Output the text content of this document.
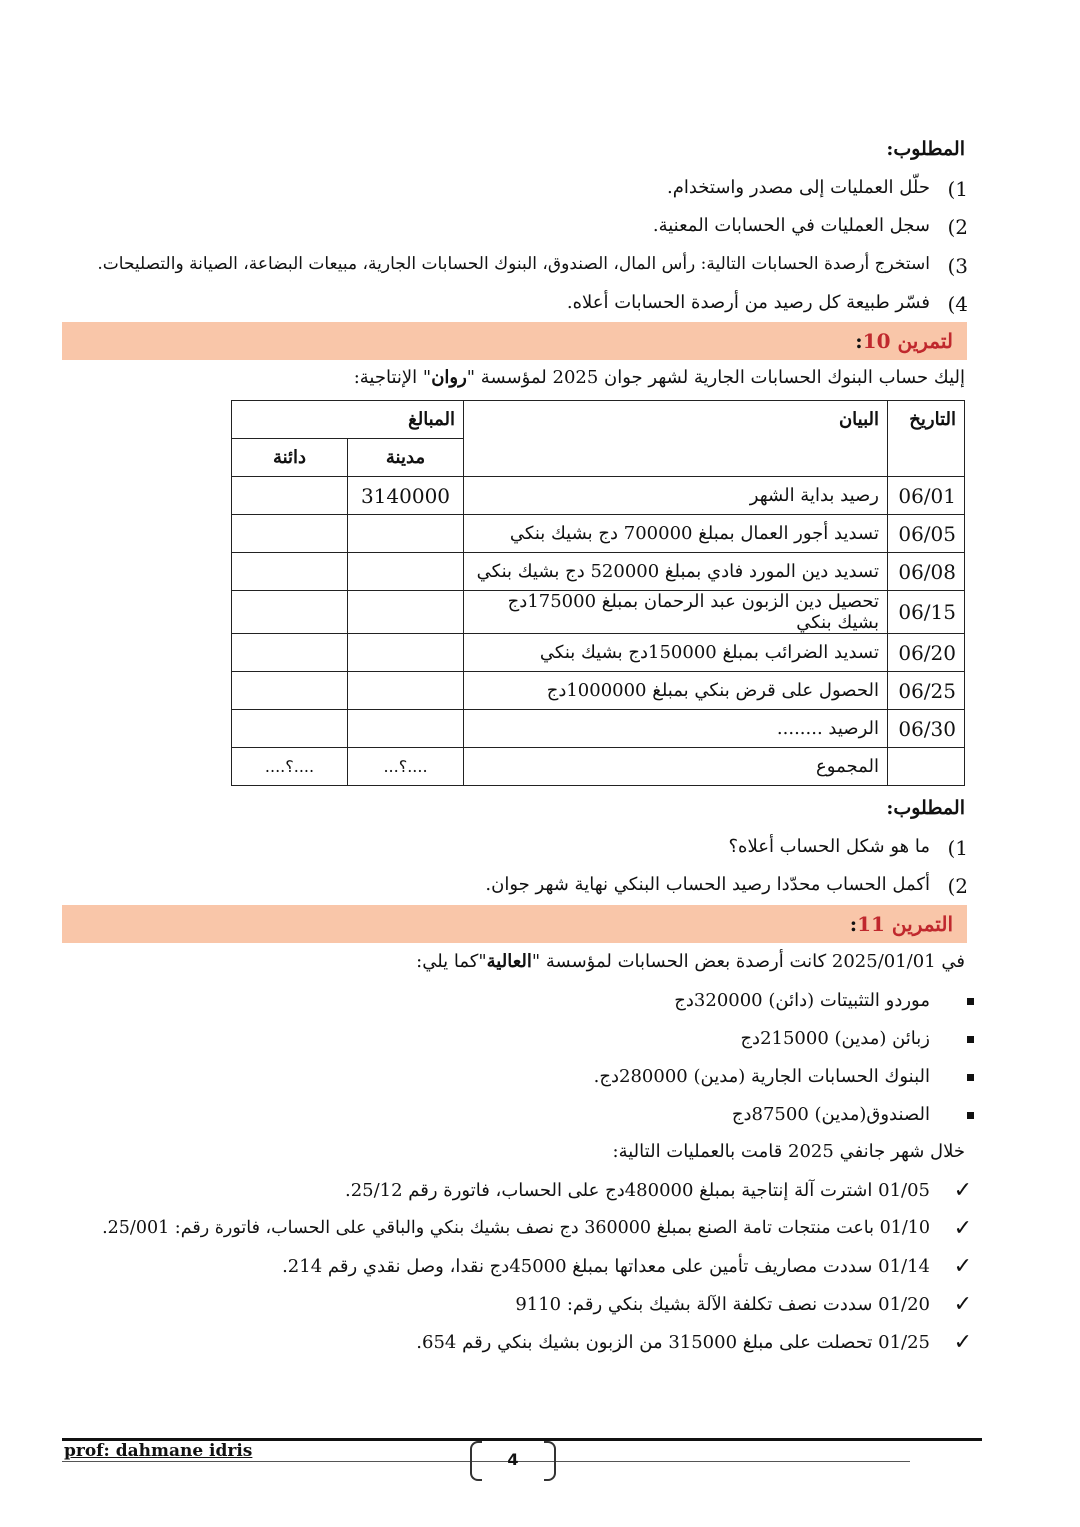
المطلوب:
1)
حلّل العمليات إلى مصدر واستخدام.
2)
سجل العمليات في الحسابات المعنية.
3)
استخرج أرصدة الحسابات التالية: رأس المال، الصندوق، البنوك الحسابات الجارية، مبيعات البضاعة، الصيانة والتصليحات.
4)
فسّر طبيعة كل رصيد من أرصدة الحسابات أعلاه.
لتمرين 10:
إليك حساب البنوك الحسابات الجارية لشهر جوان 2025 لمؤسسة "روان" الإنتاجية:
التاريخ	البيان	المبالغ	
		مدينة	دائنة
06/01	رصيد بداية الشهر	3140000	
06/05	تسديد أجور العمال بمبلغ 700000 دج بشيك بنكي		
06/08	تسديد دين المورد فادي بمبلغ 520000 دج بشيك بنكي		
06/15	تحصيل دين الزبون عبد الرحمان بمبلغ 175000دج بشيك بنكي		
06/20	تسديد الضرائب بمبلغ 150000دج بشيك بنكي		
06/25	الحصول على قرض بنكي بمبلغ 1000000دج		
06/30	الرصيد ........		
	المجموع	....؟...	....؟....
المطلوب:
1)
ما هو شكل الحساب أعلاه؟
2)
أكمل الحساب محدّدا رصيد الحساب البنكي نهاية شهر جوان.
التمرين 11:
في 2025/01/01 كانت أرصدة بعض الحسابات لمؤسسة "العالية"كما يلي:
موردو التثبيتات (دائن) 320000دج
زبائن (مدين) 215000دج
البنوك الحسابات الجارية (مدين) 280000دج.
الصندوق(مدين) 87500دج
خلال شهر جانفي 2025 قامت بالعمليات التالية:
✓
01/05 اشترت آلة إنتاجية بمبلغ 480000دج على الحساب، فاتورة رقم 25/12.
✓
01/10 باعت منتجات تامة الصنع بمبلغ 360000 دج نصف بشيك بنكي والباقي على الحساب، فاتورة رقم: 25/001.
✓
01/14 سددت مصاريف تأمين على معداتها بمبلغ 45000دج نقدا، وصل نقدي رقم 214.
✓
01/20 سددت نصف تكلفة الآلة بشيك بنكي رقم: 9110
✓
01/25 تحصلت على مبلغ 315000 من الزبون بشيك بنكي رقم 654.
prof: dahmane idris	4
